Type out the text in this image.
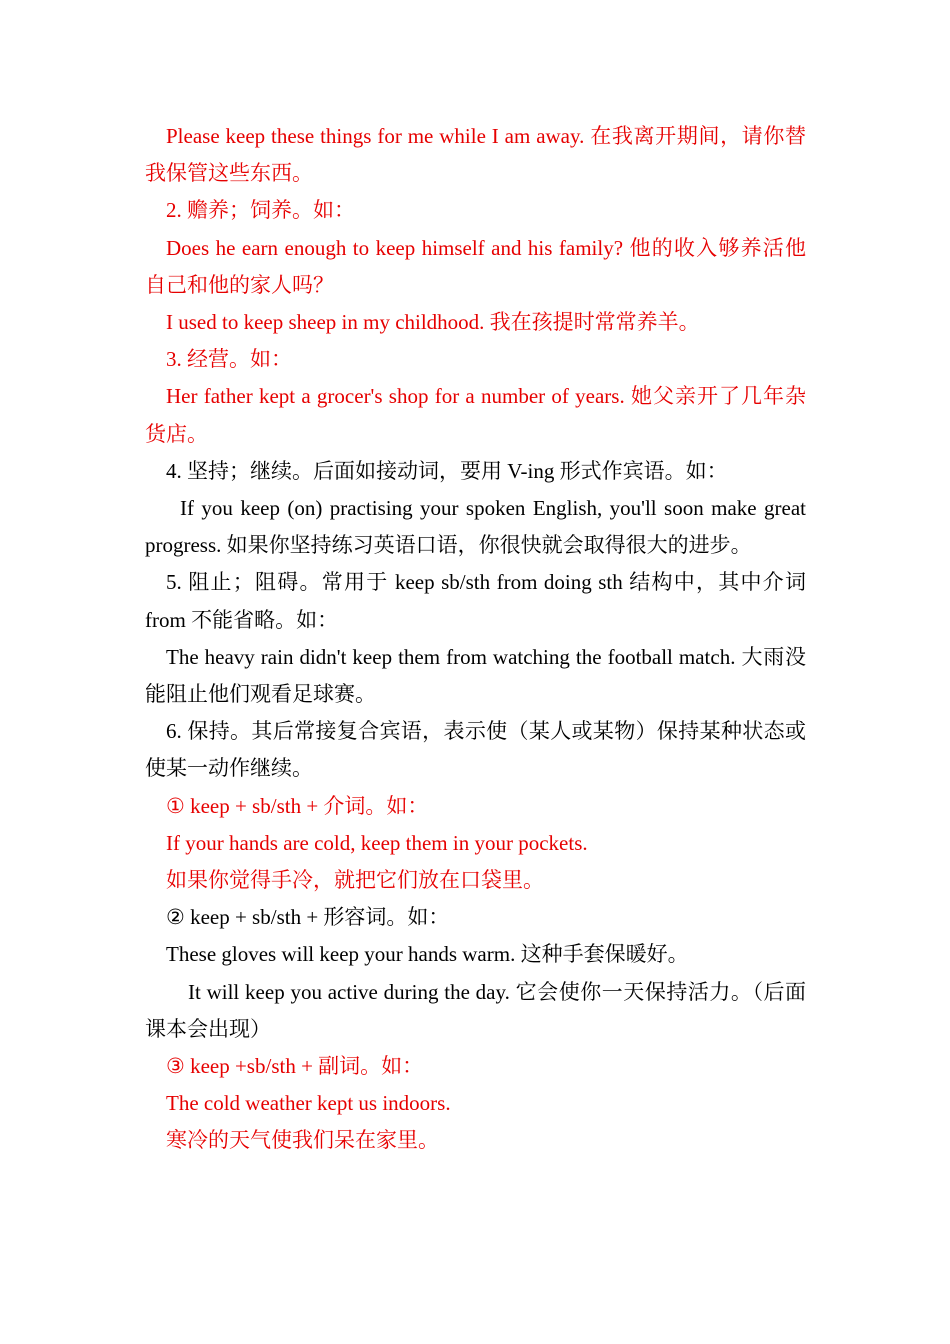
Please keep these things for me while I am away. 在我离开期间，请你替我保管这些东西。

2. 赡养；饲养。如：

Does he earn enough to keep himself and his family? 他的收入够养活他自己和他的家人吗？

I used to keep sheep in my childhood. 我在孩提时常常养羊。

3. 经营。如：

Her father kept a grocer's shop for a number of years. 她父亲开了几年杂货店。

4. 坚持；继续。后面如接动词，要用 V-ing 形式作宾语。如：

If you keep (on) practising your spoken English, you'll soon make great progress. 如果你坚持练习英语口语，你很快就会取得很大的进步。

5. 阻止；阻碍。常用于 keep sb/sth from doing sth 结构中，其中介词 from 不能省略。如：

The heavy rain didn't keep them from watching the football match. 大雨没能阻止他们观看足球赛。

6. 保持。其后常接复合宾语，表示使（某人或某物）保持某种状态或使某一动作继续。

① keep + sb/sth + 介词。如：

If your hands are cold, keep them in your pockets.

如果你觉得手冷，就把它们放在口袋里。

② keep + sb/sth + 形容词。如：

These gloves will keep your hands warm. 这种手套保暖好。

It will keep you active during the day. 它会使你一天保持活力。（后面课本会出现）

③ keep +sb/sth + 副词。如：

The cold weather kept us indoors.

寒冷的天气使我们呆在家里。
